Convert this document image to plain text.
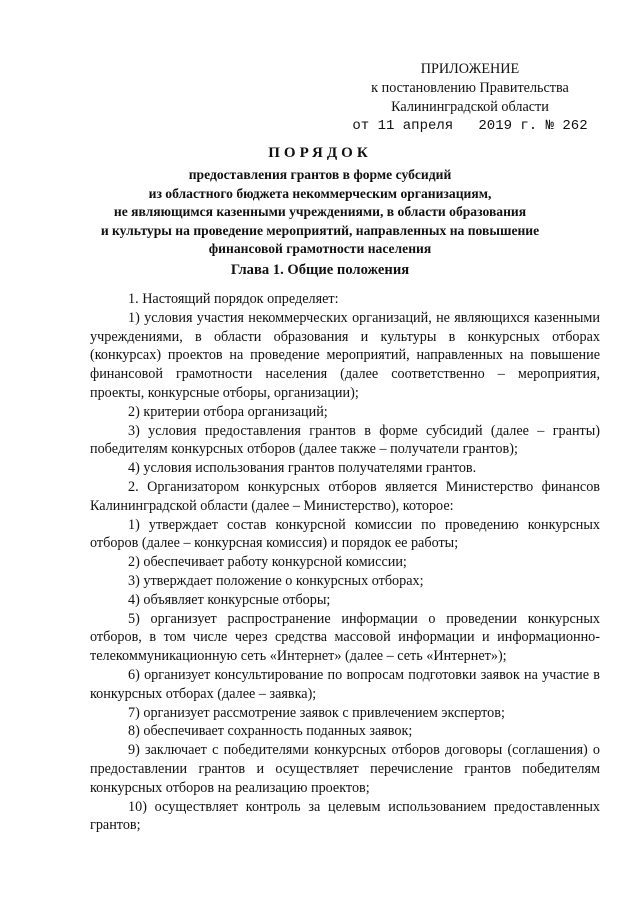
ПРИЛОЖЕНИЕ
к постановлению Правительства
Калининградской области
от 11 апреля   2019 г. № 262
ПОРЯДОК
предоставления грантов в форме субсидий
из областного бюджета некоммерческим организациям,
не являющимся казенными учреждениями, в области образования
и культуры на проведение мероприятий, направленных на повышение
финансовой грамотности населения
Глава 1. Общие положения

1. Настоящий порядок определяет:

1) условия участия некоммерческих организаций, не являющихся казенными учреждениями, в области образования и культуры в конкурсных отборах (конкурсах) проектов на проведение мероприятий, направленных на повышение финансовой грамотности населения (далее соответственно – мероприятия, проекты, конкурсные отборы, организации);

2) критерии отбора организаций;

3) условия предоставления грантов в форме субсидий (далее – гранты) победителям конкурсных отборов (далее также – получатели грантов);

4) условия использования грантов получателями грантов.

2. Организатором конкурсных отборов является Министерство финансов Калининградской области (далее – Министерство), которое:

1) утверждает состав конкурсной комиссии по проведению конкурсных отборов (далее – конкурсная комиссия) и порядок ее работы;

2) обеспечивает работу конкурсной комиссии;

3) утверждает положение о конкурсных отборах;

4) объявляет конкурсные отборы;

5) организует распространение информации о проведении конкурсных отборов, в том числе через средства массовой информации и информационно-телекоммуникационную сеть «Интернет» (далее – сеть «Интернет»);

6) организует консультирование по вопросам подготовки заявок на участие в конкурсных отборах (далее – заявка);

7) организует рассмотрение заявок с привлечением экспертов;

8) обеспечивает сохранность поданных заявок;

9) заключает с победителями конкурсных отборов договоры (соглашения) о предоставлении грантов и осуществляет перечисление грантов победителям конкурсных отборов на реализацию проектов;

10) осуществляет контроль за целевым использованием предоставленных грантов;
